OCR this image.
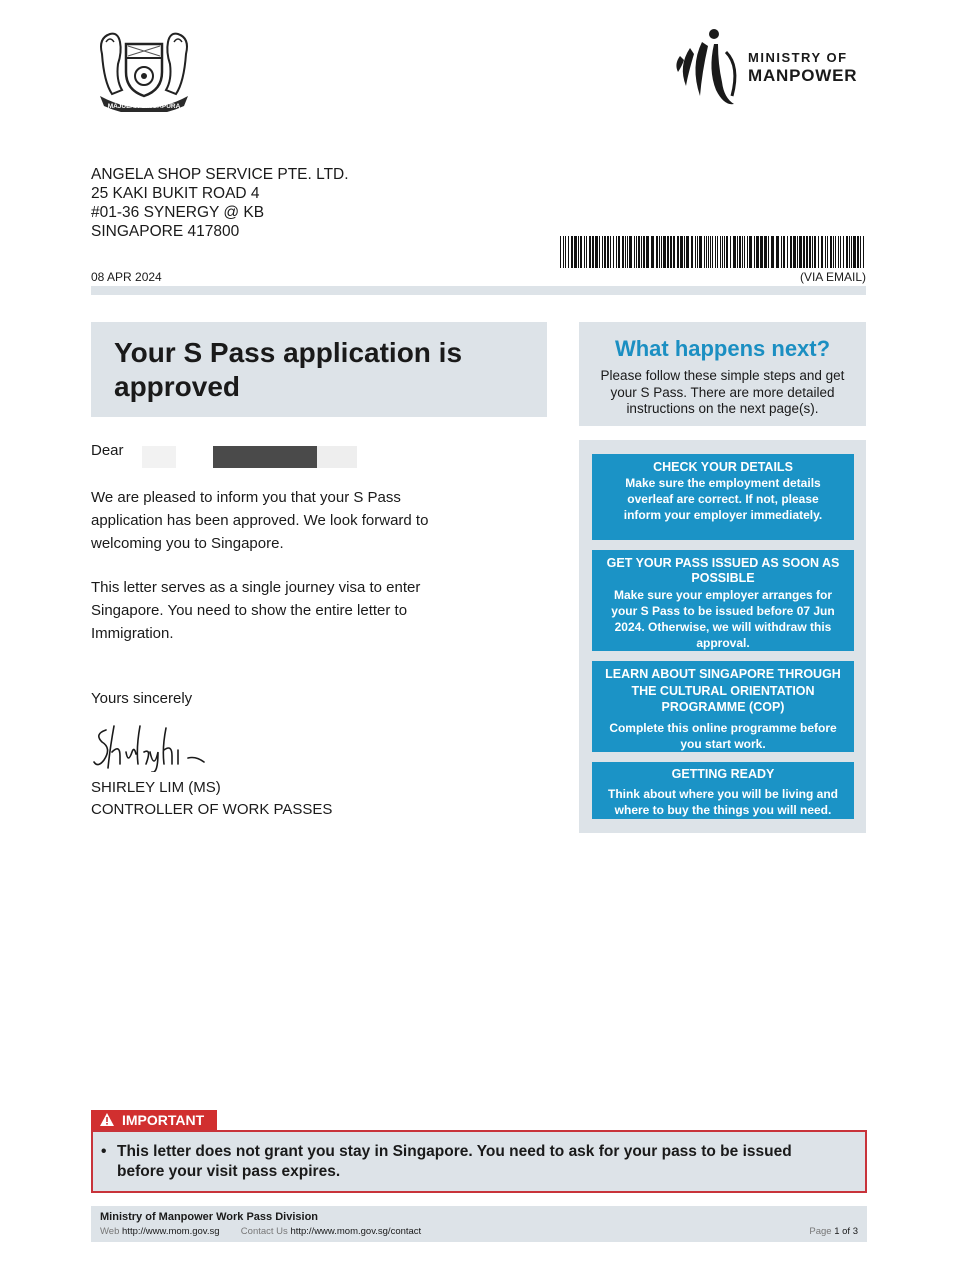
MAJULAH SINGAPURA
MINISTRY OF
MANPOWER
ANGELA SHOP SERVICE PTE. LTD.
25 KAKI BUKIT ROAD 4
#01-36 SYNERGY @ KB
SINGAPORE 417800
(VIA EMAIL)
08 APR 2024
Your S Pass application is approved
What happens next?
Please follow these simple steps and get your S Pass. There are more detailed instructions on the next page(s).
CHECK YOUR DETAILS
Make sure the employment details overleaf are correct. If not, please inform your employer immediately.
GET YOUR PASS ISSUED AS SOON AS POSSIBLE
Make sure your employer arranges for your S Pass to be issued before 07 Jun 2024. Otherwise, we will withdraw this approval.
LEARN ABOUT SINGAPORE THROUGH THE CULTURAL ORIENTATION PROGRAMME (COP)
Complete this online programme before you start work.
GETTING READY
Think about where you will be living and where to buy the things you will need.
Dear
We are pleased to inform you that your S Pass application has been approved. We look forward to welcoming you to Singapore.
This letter serves as a single journey visa to enter Singapore. You need to show the entire letter to Immigration.
Yours sincerely
SHIRLEY LIM (MS)
CONTROLLER OF WORK PASSES
IMPORTANT
• This letter does not grant you stay in Singapore. You need to ask for your pass to be issued before your visit pass expires.
Ministry of Manpower Work Pass Division
Web http://www.mom.gov.sg Contact Us http://www.mom.gov.sg/contact	Page 1 of 3
